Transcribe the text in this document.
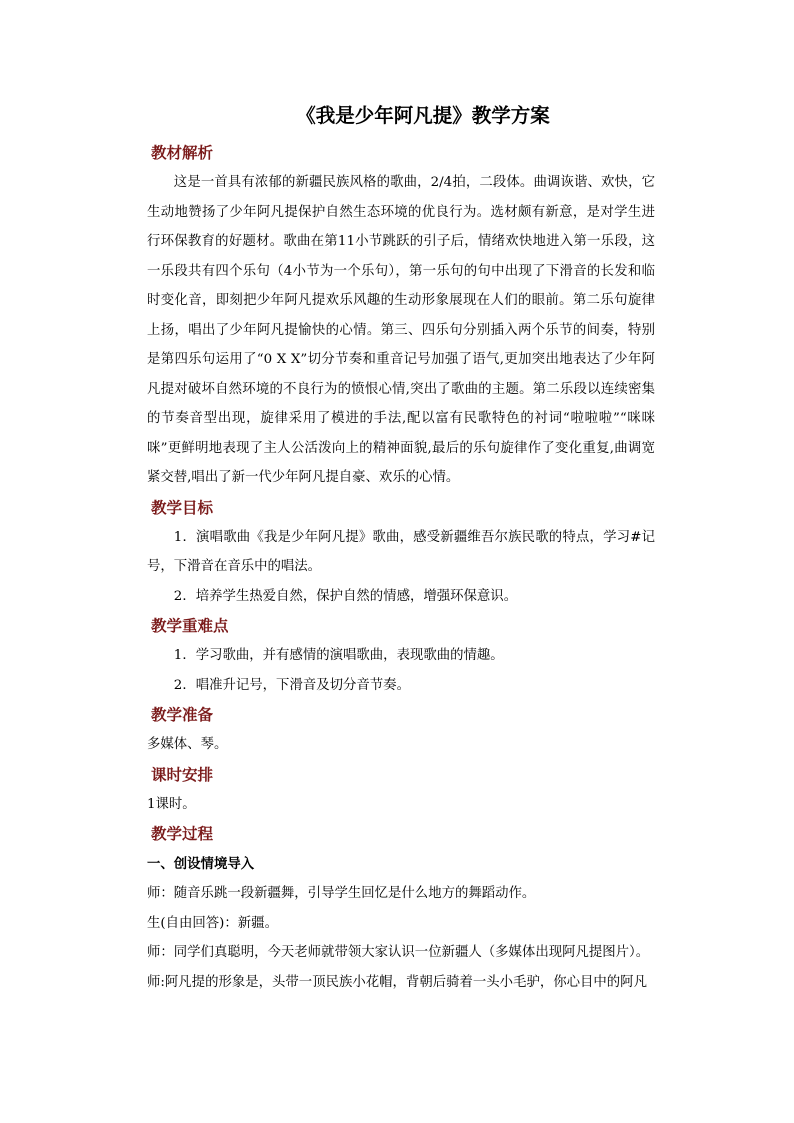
《我是少年阿凡提》教学方案
教材解析

这是一首具有浓郁的新疆民族风格的歌曲，2/4拍，二段体。曲调诙谐、欢快，它生动地赞扬了少年阿凡提保护自然生态环境的优良行为。选材颇有新意，是对学生进行环保教育的好题材。歌曲在第11小节跳跃的引子后，情绪欢快地进入第一乐段，这一乐段共有四个乐句（4小节为一个乐句），第一乐句的句中出现了下滑音的长发和临时变化音，即刻把少年阿凡提欢乐风趣的生动形象展现在人们的眼前。第二乐句旋律上扬，唱出了少年阿凡提愉快的心情。第三、四乐句分别插入两个乐节的间奏，特别是第四乐句运用了“0 X X”切分节奏和重音记号加强了语气,更加突出地表达了少年阿凡提对破坏自然环境的不良行为的愤恨心情,突出了歌曲的主题。第二乐段以连续密集的节奏音型出现，旋律采用了模进的手法,配以富有民歌特色的衬词“啦啦啦”“咪咪咪”更鲜明地表现了主人公活泼向上的精神面貌,最后的乐句旋律作了变化重复,曲调宽紧交替,唱出了新一代少年阿凡提自豪、欢乐的心情。

教学目标

1．演唱歌曲《我是少年阿凡提》歌曲，感受新疆维吾尔族民歌的特点，学习#记号，下滑音在音乐中的唱法。

2．培养学生热爱自然，保护自然的情感，增强环保意识。

教学重难点

1．学习歌曲，并有感情的演唱歌曲，表现歌曲的情趣。

2．唱准升记号，下滑音及切分音节奏。

教学准备

多媒体、琴。

课时安排

1课时。

教学过程

一、创设情境导入

师：随音乐跳一段新疆舞，引导学生回忆是什么地方的舞蹈动作。

生(自由回答)：新疆。

师：同学们真聪明，今天老师就带领大家认识一位新疆人（多媒体出现阿凡提图片）。

师:阿凡提的形象是，头带一顶民族小花帽，背朝后骑着一头小毛驴，你心目中的阿凡
